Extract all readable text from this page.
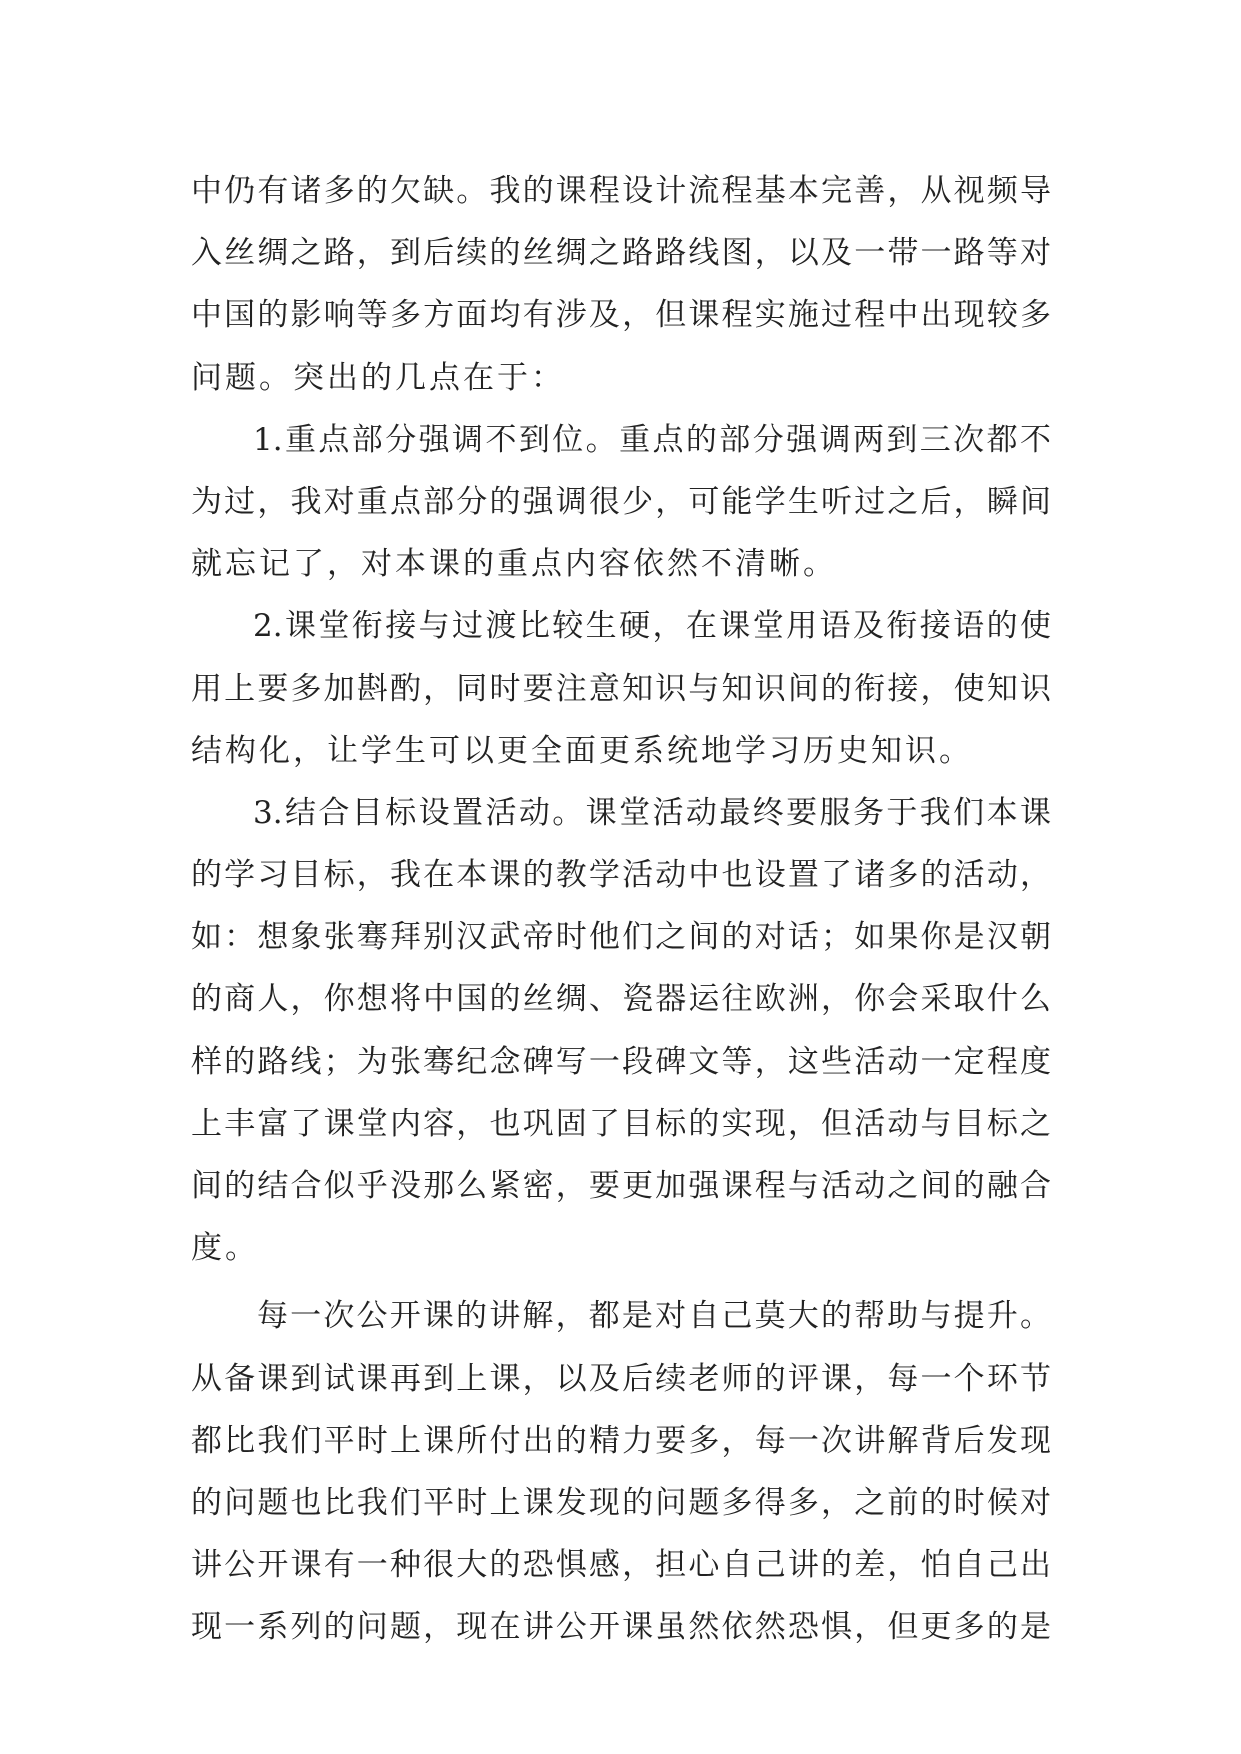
中仍有诸多的欠缺。我的课程设计流程基本完善，从视频导
入丝绸之路，到后续的丝绸之路路线图，以及一带一路等对
中国的影响等多方面均有涉及，但课程实施过程中出现较多
问题。突出的几点在于：
1.重点部分强调不到位。重点的部分强调两到三次都不
为过，我对重点部分的强调很少，可能学生听过之后，瞬间
就忘记了，对本课的重点内容依然不清晰。
2.课堂衔接与过渡比较生硬，在课堂用语及衔接语的使
用上要多加斟酌，同时要注意知识与知识间的衔接，使知识
结构化，让学生可以更全面更系统地学习历史知识。
3.结合目标设置活动。课堂活动最终要服务于我们本课
的学习目标，我在本课的教学活动中也设置了诸多的活动，
如：想象张骞拜别汉武帝时他们之间的对话；如果你是汉朝
的商人，你想将中国的丝绸、瓷器运往欧洲，你会采取什么
样的路线；为张骞纪念碑写一段碑文等，这些活动一定程度
上丰富了课堂内容，也巩固了目标的实现，但活动与目标之
间的结合似乎没那么紧密，要更加强课程与活动之间的融合
度。
每一次公开课的讲解，都是对自己莫大的帮助与提升。
从备课到试课再到上课，以及后续老师的评课，每一个环节
都比我们平时上课所付出的精力要多，每一次讲解背后发现
的问题也比我们平时上课发现的问题多得多，之前的时候对
讲公开课有一种很大的恐惧感，担心自己讲的差，怕自己出
现一系列的问题，现在讲公开课虽然依然恐惧，但更多的是
